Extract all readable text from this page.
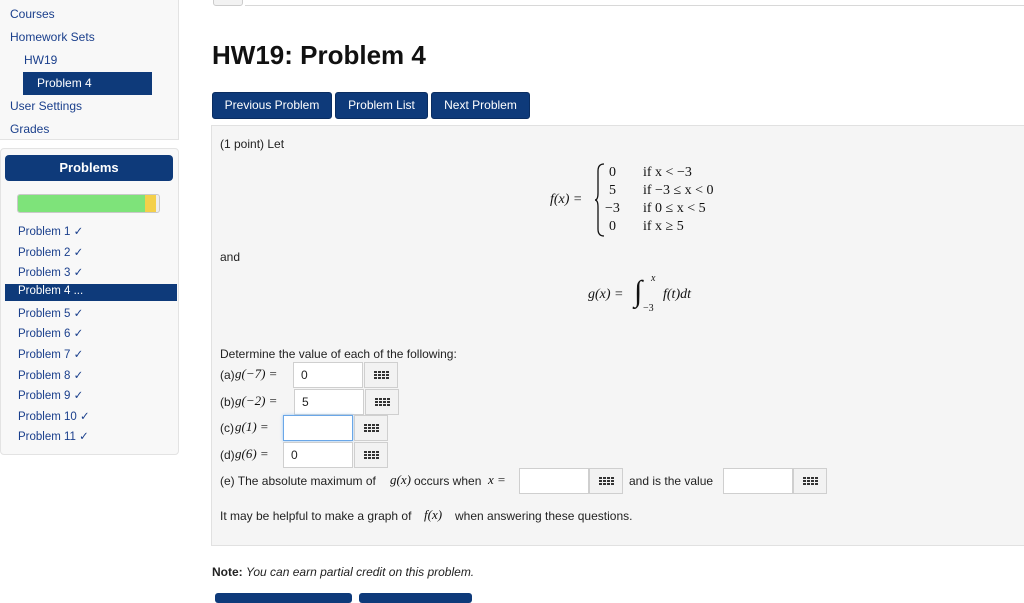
Courses
Homework Sets
HW19
Problem 4
User Settings
Grades
Problems
Problem 1 ✓
Problem 2 ✓
Problem 3 ✓
Problem 4 ...
Problem 5 ✓
Problem 6 ✓
Problem 7 ✓
Problem 8 ✓
Problem 9 ✓
Problem 10 ✓
Problem 11 ✓
HW19: Problem 4
Previous Problem	Problem List	Next Problem
(1 point) Let
f(x) =
0 if x < −3
5 if −3 ≤ x < 0
−3 if 0 ≤ x < 5
0 if x ≥ 5
and
g(x) = ∫ x
−3
f(t)dt
Determine the value of each of the following:
(a) g(−7) =	0
(b) g(−2) =	5
(c) g(1) =
(d) g(6) =	0
(e) The absolute maximum of g(x) occurs when x =	and is the value
It may be helpful to make a graph of f(x) when answering these questions.
Note: You can earn partial credit on this problem.
